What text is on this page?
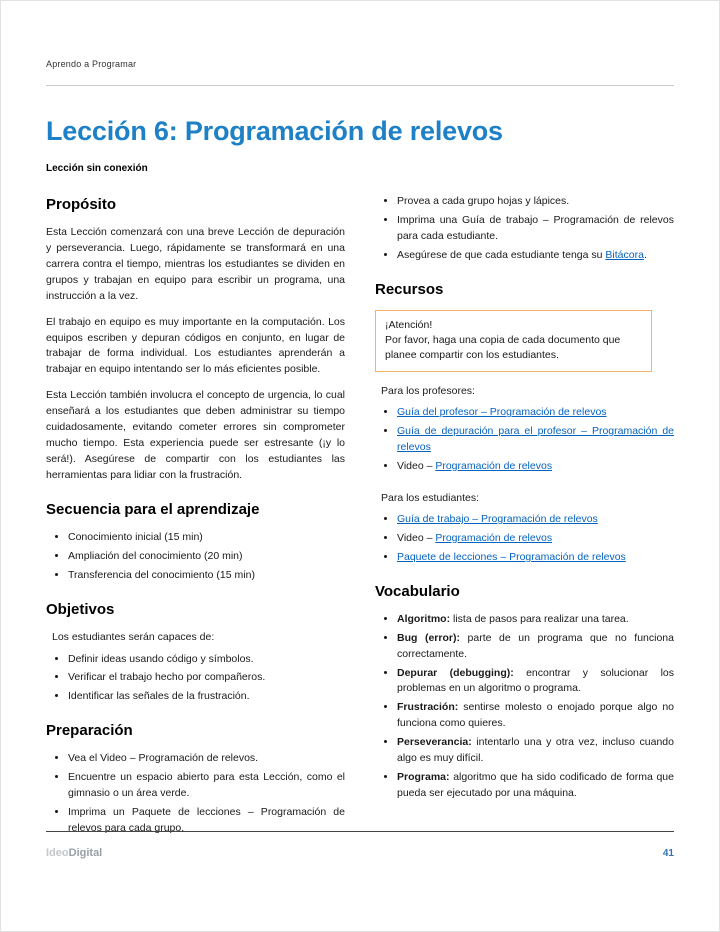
Aprendo a Programar
Lección 6: Programación de relevos
Lección sin conexión
Propósito

Esta Lección comenzará con una breve Lección de depuración y perseverancia. Luego, rápidamente se transformará en una carrera contra el tiempo, mientras los estudiantes se dividen en grupos y trabajan en equipo para escribir un programa, una instrucción a la vez.

El trabajo en equipo es muy importante en la computación. Los equipos escriben y depuran códigos en conjunto, en lugar de trabajar de forma individual. Los estudiantes aprenderán a trabajar en equipo intentando ser lo más eficientes posible.

Esta Lección también involucra el concepto de urgencia, lo cual enseñará a los estudiantes que deben administrar su tiempo cuidadosamente, evitando cometer errores sin comprometer mucho tiempo. Esta experiencia puede ser estresante (¡y lo será!). Asegúrese de compartir con los estudiantes las herramientas para lidiar con la frustración.

Secuencia para el aprendizaje
• Conocimiento inicial (15 min)
• Ampliación del conocimiento (20 min)
• Transferencia del conocimiento (15 min)
Objetivos
Los estudiantes serán capaces de:
• Definir ideas usando código y símbolos.
• Verificar el trabajo hecho por compañeros.
• Identificar las señales de la frustración.
Preparación
• Vea el Video – Programación de relevos.
• Encuentre un espacio abierto para esta Lección, como el gimnasio o un área verde.
• Imprima un Paquete de lecciones – Programación de relevos para cada grupo.
• Provea a cada grupo hojas y lápices.
• Imprima una Guía de trabajo – Programación de relevos para cada estudiante.
• Asegúrese de que cada estudiante tenga su Bitácora.
Recursos
¡Atención!
Por favor, haga una copia de cada documento que planee compartir con los estudiantes.
Para los profesores:
• Guía del profesor – Programación de relevos
• Guía de depuración para el profesor – Programación de relevos
• Video – Programación de relevos
Para los estudiantes:
• Guía de trabajo – Programación de relevos
• Video – Programación de relevos
• Paquete de lecciones – Programación de relevos
Vocabulario
• Algoritmo: lista de pasos para realizar una tarea.
• Bug (error): parte de un programa que no funciona correctamente.
• Depurar (debugging): encontrar y solucionar los problemas en un algoritmo o programa.
• Frustración: sentirse molesto o enojado porque algo no funciona como quieres.
• Perseverancia: intentarlo una y otra vez, incluso cuando algo es muy difícil.
• Programa: algoritmo que ha sido codificado de forma que pueda ser ejecutado por una máquina.
IdeoDigital	41
